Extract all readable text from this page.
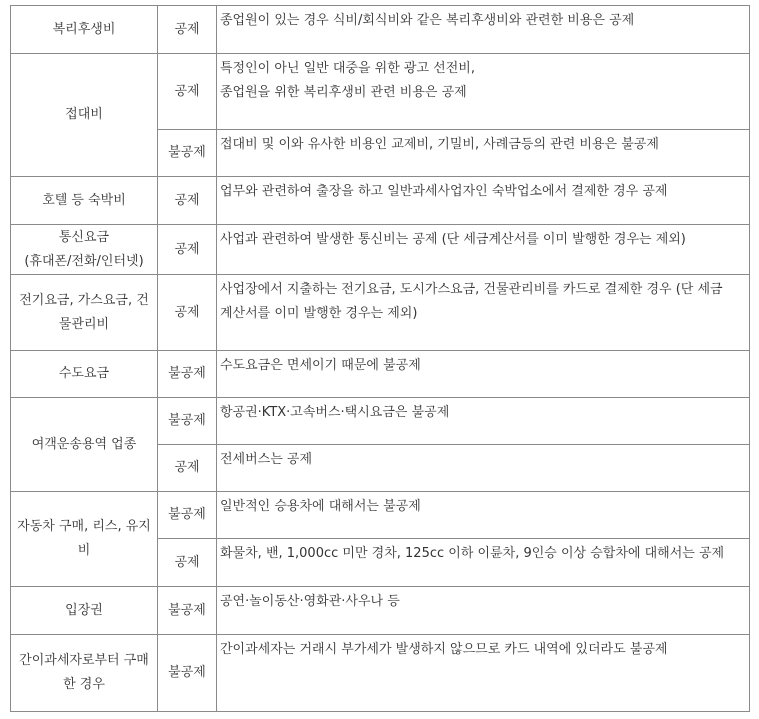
복리후생비	공제	종업원이 있는 경우 식비/회식비와 같은 복리후생비와 관련한 비용은 공제

접대비	공제	특정인이 아닌 일반 대중을 위한 광고 선전비,
종업원을 위한 복리후생비 관련 비용은 공제

	불공제	접대비 및 이와 유사한 비용인 교제비, 기밀비, 사례금등의 관련 비용은 불공제

호텔 등 숙박비	공제	업무와 관련하여 출장을 하고 일반과세사업자인 숙박업소에서 결제한 경우 공제

통신요금
(휴대폰/전화/인터넷)	공제	사업과 관련하여 발생한 통신비는 공제 (단 세금계산서를 이미 발행한 경우는 제외)

전기요금, 가스요금, 건
물관리비	공제	사업장에서 지출하는 전기요금, 도시가스요금, 건물관리비를 카드로 결제한 경우 (단 세금
계산서를 이미 발행한 경우는 제외)

수도요금	불공제	수도요금은 면세이기 때문에 불공제

여객운송용역 업종	불공제	항공권·KTX·고속버스·택시요금은 불공제

	공제	전세버스는 공제

자동차 구매, 리스, 유지
비	불공제	일반적인 승용차에 대해서는 불공제

	공제	화물차, 밴, 1,000cc 미만 경차, 125cc 이하 이륜차, 9인승 이상 승합차에 대해서는 공제

입장권	불공제	공연·놀이동산·영화관·사우나 등

간이과세자로부터 구매
한 경우	불공제	간이과세자는 거래시 부가세가 발생하지 않으므로 카드 내역에 있더라도 불공제
